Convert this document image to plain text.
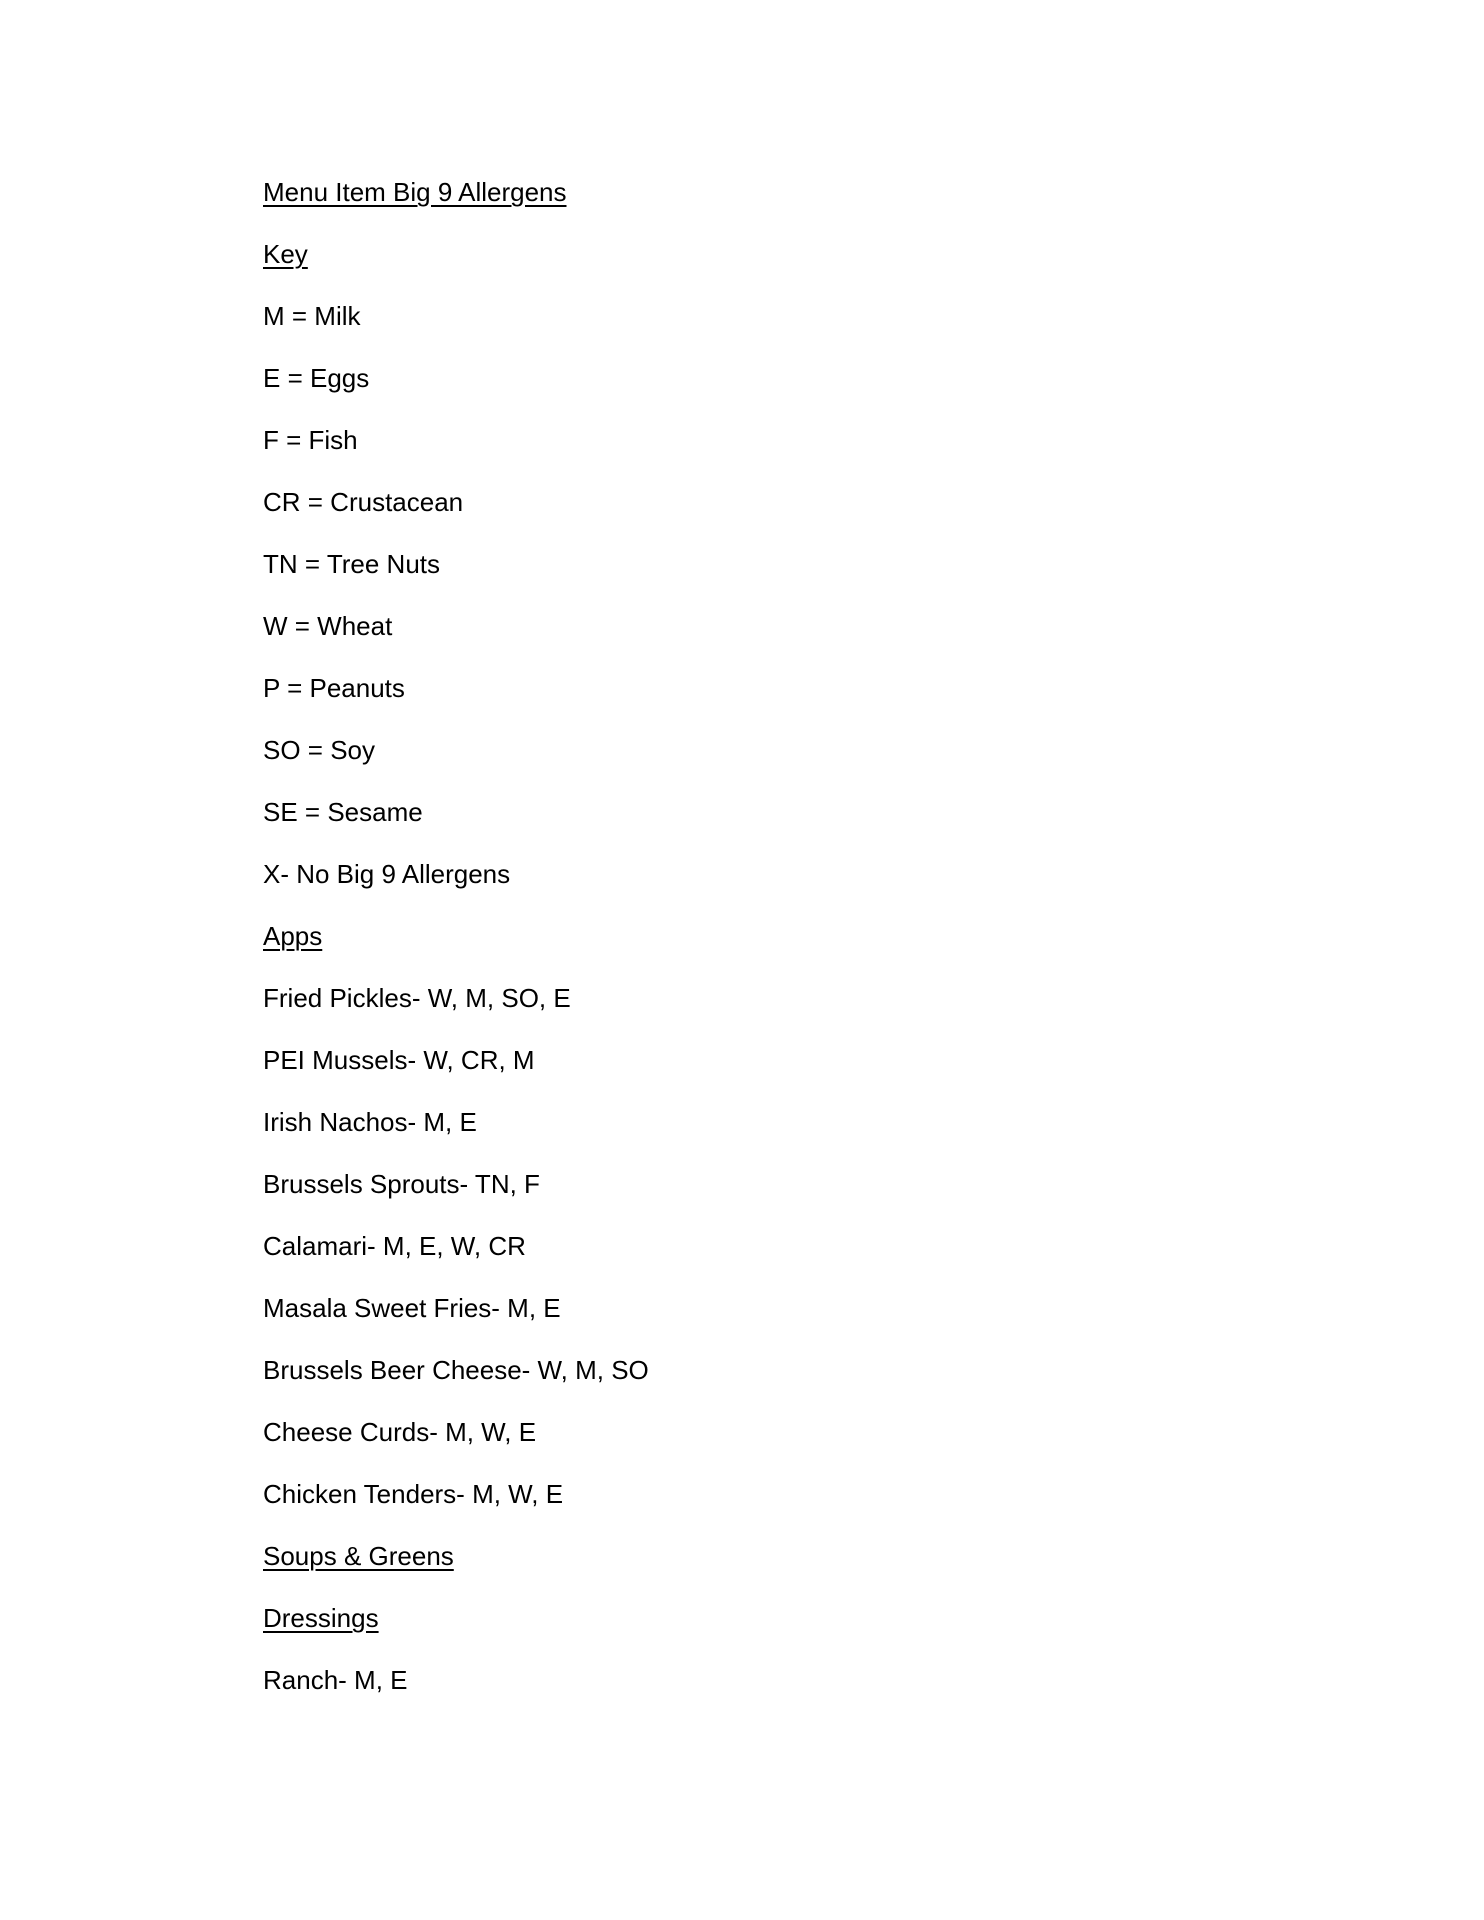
Menu Item Big 9 Allergens
Key
M = Milk
E = Eggs
F = Fish
CR = Crustacean
TN = Tree Nuts
W = Wheat
P = Peanuts
SO = Soy
SE = Sesame
X- No Big 9 Allergens
Apps
Fried Pickles- W, M, SO, E
PEI Mussels- W, CR, M
Irish Nachos- M, E
Brussels Sprouts- TN, F
Calamari- M, E, W, CR
Masala Sweet Fries- M, E
Brussels Beer Cheese- W, M, SO
Cheese Curds- M, W, E
Chicken Tenders- M, W, E
Soups & Greens
Dressings
Ranch- M, E
